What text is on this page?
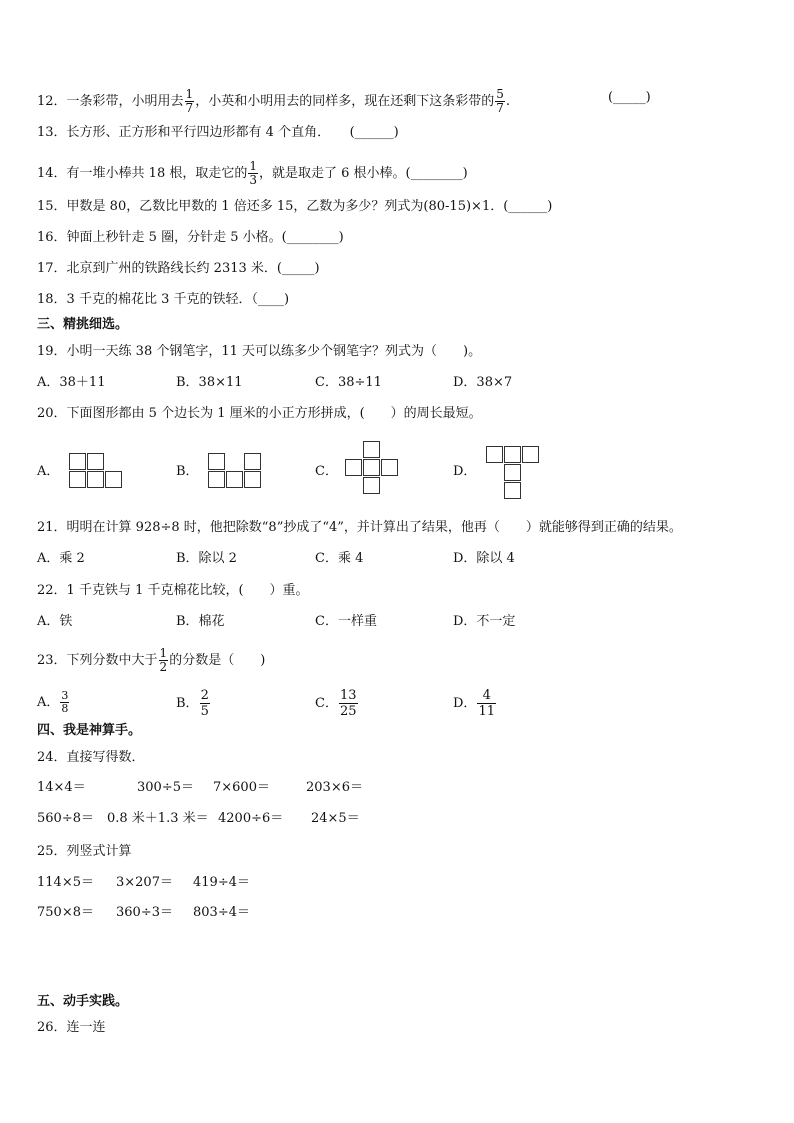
12．一条彩带，小明用去 $\frac{1}{7}$ ，小英和小明用去的同样多，现在还剩下这条彩带的 $\frac{5}{7}$ .	(_____)
13．长方形、正方形和平行四边形都有 4 个直角．　　(______)
14．有一堆小棒共 18 根，取走它的 $\frac{1}{3}$ ，就是取走了 6 根小棒。(________)
15．甲数是 80，乙数比甲数的 1 倍还多 15，乙数为多少？列式为(80-15)×1．(______)
16．钟面上秒针走 5 圈，分针走 5 小格。(________)
17．北京到广州的铁路线长约 2313 米．(_____)
18．3 千克的棉花比 3 千克的铁轻．（____)
三、精挑细选。
19．小明一天练 38 个钢笔字，11 天可以练多少个钢笔字？列式为（　　)。
A．38＋11	B．38×11	C．38÷11	D．38×7
20．下面图形都由 5 个边长为 1 厘米的小正方形拼成，(　　）的周长最短。
A．	B．	C．	D．
21．明明在计算 928÷8 时，他把除数“8”抄成了“4”，并计算出了结果，他再（　　）就能够得到正确的结果。
A．乘 2	B．除以 2	C．乘 4	D．除以 4
22．1 千克铁与 1 千克棉花比较，(　　）重。
A．铁	B．棉花	C．一样重	D．不一定
23．下列分数中大于 $\frac{1}{2}$ 的分数是（　　)
A． $\frac{3}{8}$	B． $\frac{2}{5}$	C． $\frac{13}{25}$	D． $\frac{4}{11}$
四、我是神算手。
24．直接写得数．
14×4＝	300÷5＝ 7×600＝	203×6＝
560÷8＝ 0.8 米＋1.3 米＝ 4200÷6＝ 24×5＝
25．列竖式计算
114×5＝ 3×207＝ 419÷4＝
750×8＝ 360÷3＝ 803÷4＝
五、动手实践。
26．连一连
